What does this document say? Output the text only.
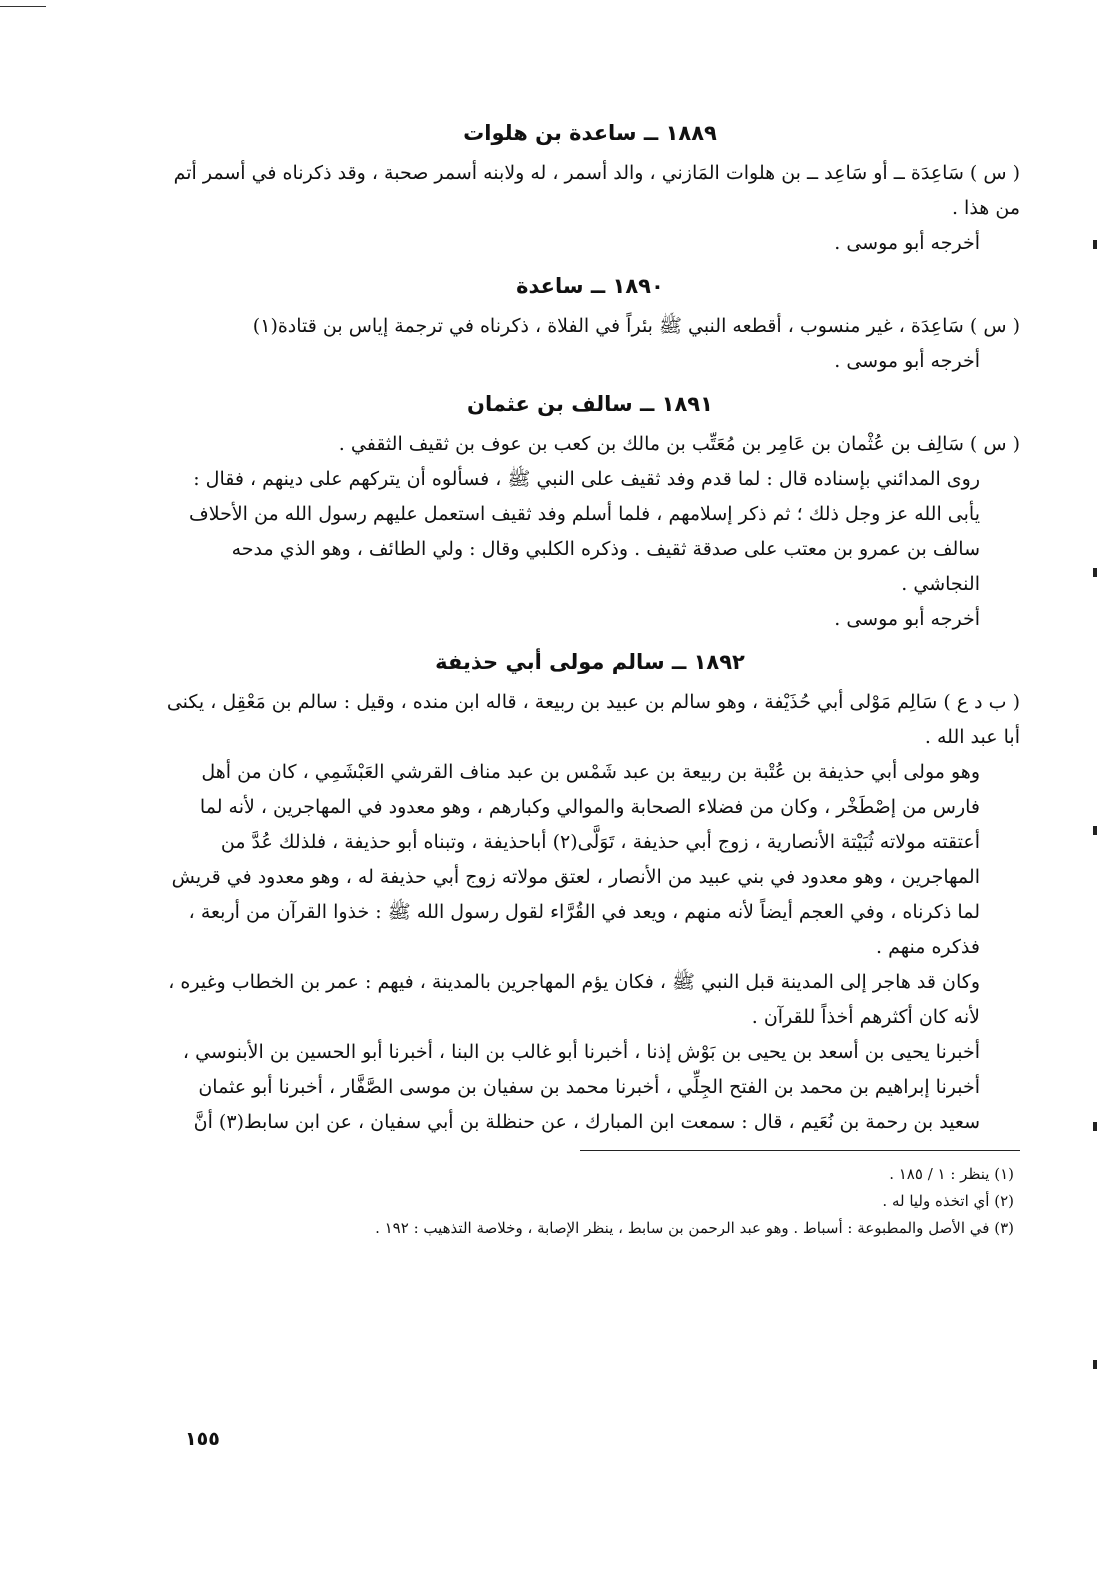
١٨٨٩ ــ ساعدة بن هلوات

( س ) سَاعِدَة ــ أو سَاعِد ــ بن هلوات المَازني ، والد أسمر ، له ولابنه أسمر صحبة ، وقد ذكرناه في أسمر أتم من هذا .

أخرجه أبو موسى .

١٨٩٠ ــ ساعدة

( س ) سَاعِدَة ، غير منسوب ، أقطعه النبي ﷺ بئراً في الفلاة ، ذكرناه في ترجمة إياس بن قتادة(١)

أخرجه أبو موسى .

١٨٩١ ــ سالف بن عثمان

( س ) سَالِف بن عُثْمان بن عَامِر بن مُعَتِّب بن مالك بن كعب بن عوف بن ثقيف الثقفي .

روى المدائني بإسناده قال : لما قدم وفد ثقيف على النبي ﷺ ، فسألوه أن يتركهم على دينهم ، فقال : يأبى الله عز وجل ذلك ؛ ثم ذكر إسلامهم ، فلما أسلم وفد ثقيف استعمل عليهم رسول الله من الأحلاف سالف بن عمرو بن معتب على صدقة ثقيف . وذكره الكلبي وقال : ولي الطائف ، وهو الذي مدحه النجاشي .

أخرجه أبو موسى .

١٨٩٢ ــ سالم مولى أبي حذيفة

( ب د ع ) سَالِم مَوْلى أبي حُذَيْفة ، وهو سالم بن عبيد بن ربيعة ، قاله ابن منده ، وقيل : سالم بن مَعْقِل ، يكنى أبا عبد الله .

وهو مولى أبي حذيفة بن عُتْبة بن ربيعة بن عبد شَمْس بن عبد مناف القرشي العَبْشَمِي ، كان من أهل فارس من إصْطَخْر ، وكان من فضلاء الصحابة والموالي وكبارهم ، وهو معدود في المهاجرين ، لأنه لما أعتقته مولاته ثُبَيْتة الأنصارية ، زوج أبي حذيفة ، تَوَلَّى(٢) أباحذيفة ، وتبناه أبو حذيفة ، فلذلك عُدَّ من المهاجرين ، وهو معدود في بني عبيد من الأنصار ، لعتق مولاته زوج أبي حذيفة له ، وهو معدود في قريش لما ذكرناه ، وفي العجم أيضاً لأنه منهم ، ويعد في القُرَّاء لقول رسول الله ﷺ : خذوا القرآن من أربعة ، فذكره منهم .

وكان قد هاجر إلى المدينة قبل النبي ﷺ ، فكان يؤم المهاجرين بالمدينة ، فيهم : عمر بن الخطاب وغيره ، لأنه كان أكثرهم أخذاً للقرآن .

أخبرنا يحيى بن أسعد بن يحيى بن بَوْش إذنا ، أخبرنا أبو غالب بن البنا ، أخبرنا أبو الحسين بن الأبنوسي ، أخبرنا إبراهيم بن محمد بن الفتح الجِلِّي ، أخبرنا محمد بن سفيان بن موسى الصَّفَّار ، أخبرنا أبو عثمان سعيد بن رحمة بن نُعَيم ، قال : سمعت ابن المبارك ، عن حنظلة بن أبي سفيان ، عن ابن سابط(٣) أنَّ

(١) ينظر : ١ / ١٨٥ .

(٢) أي اتخذه وليا له .

(٣) في الأصل والمطبوعة : أسباط . وهو عبد الرحمن بن سابط ، ينظر الإصابة ، وخلاصة التذهيب : ١٩٢ .

١٥٥
